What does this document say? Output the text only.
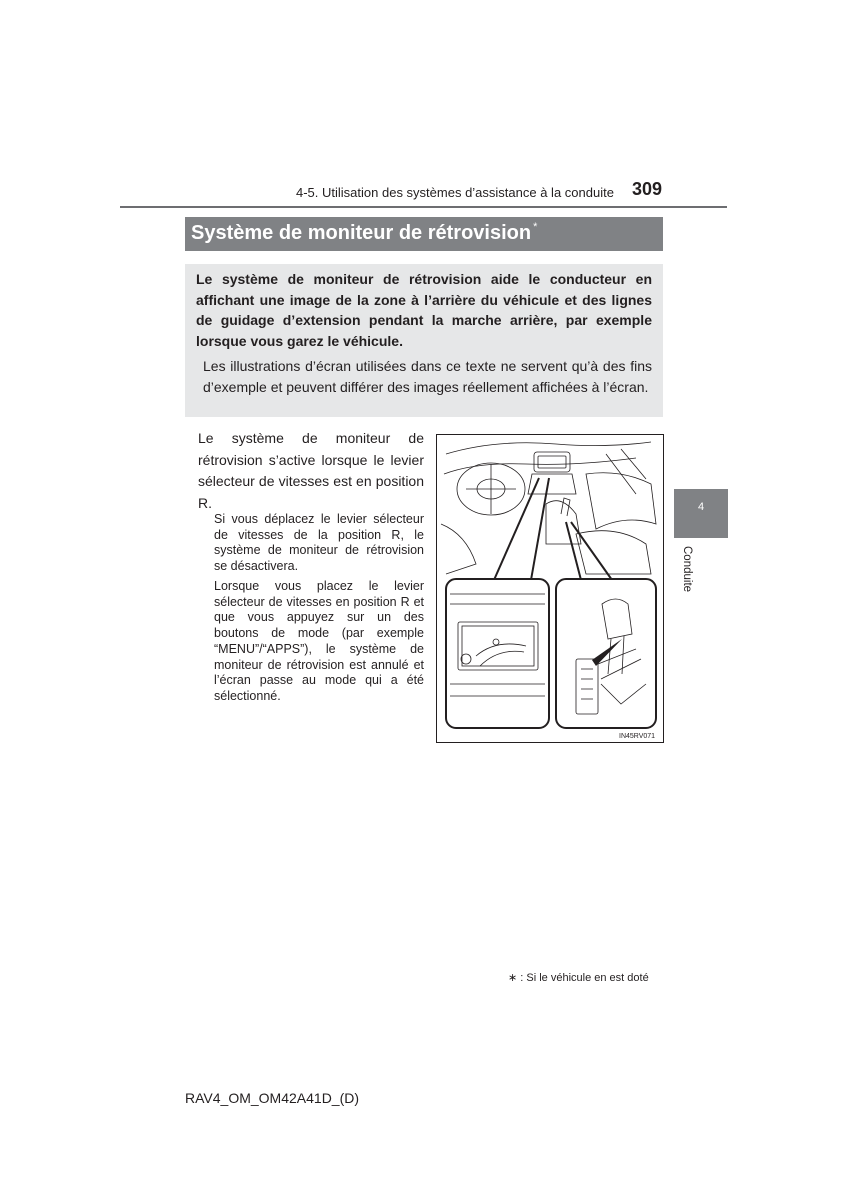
4-5. Utilisation des systèmes d’assistance à la conduite 309
Système de moniteur de rétrovision *

Le système de moniteur de rétrovision aide le conducteur en affichant une image de la zone à l’arrière du véhicule et des lignes de guidage d’extension pendant la marche arrière, par exemple lorsque vous garez le véhicule.

Les illustrations d’écran utilisées dans ce texte ne servent qu’à des fins d’exemple et peuvent différer des images réellement affichées à l’écran.

Le système de moniteur de rétrovision s’active lorsque le levier sélecteur de vitesses est en position R.

Si vous déplacez le levier sélecteur de vitesses de la position R, le système de moniteur de rétrovision se désactivera.

Lorsque vous placez le levier sélecteur de vitesses en position R et que vous appuyez sur un des boutons de mode (par exemple “MENU”/“APPS”), le système de moniteur de rétrovision est annulé et l’écran passe au mode qui a été sélectionné.

IN45RV071
4
Conduite
∗ : Si le véhicule en est doté
RAV4_OM_OM42A41D_(D)
